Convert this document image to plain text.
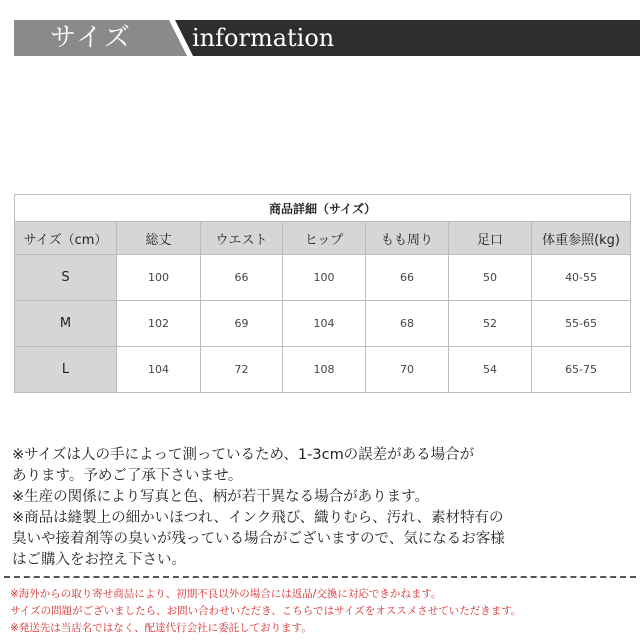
サイズ	information
商品詳細（サイズ）						
サイズ（cm）	総丈	ウエスト	ヒップ	もも周り	足口	体重参照(kg)
S	100	66	100	66	50	40-55
M	102	69	104	68	52	55-65
L	104	72	108	70	54	65-75
※サイズは人の手によって測っているため、1-3cmの誤差がある場合が
あります。予めご了承下さいませ。
※生産の関係により写真と色、柄が若干異なる場合があります。
※商品は縫製上の細かいほつれ、インク飛び、織りむら、汚れ、素材特有の
臭いや接着剤等の臭いが残っている場合がございますので、気になるお客様
はご購入をお控え下さい。
※海外からの取り寄せ商品により、初期不良以外の場合には返品/交換に対応できかねます。
サイズの問題がございましたら、お問い合わせいただき、こちらではサイズをオススメさせていただきます。
※発送先は当店名ではなく、配達代行会社に委託しております。
